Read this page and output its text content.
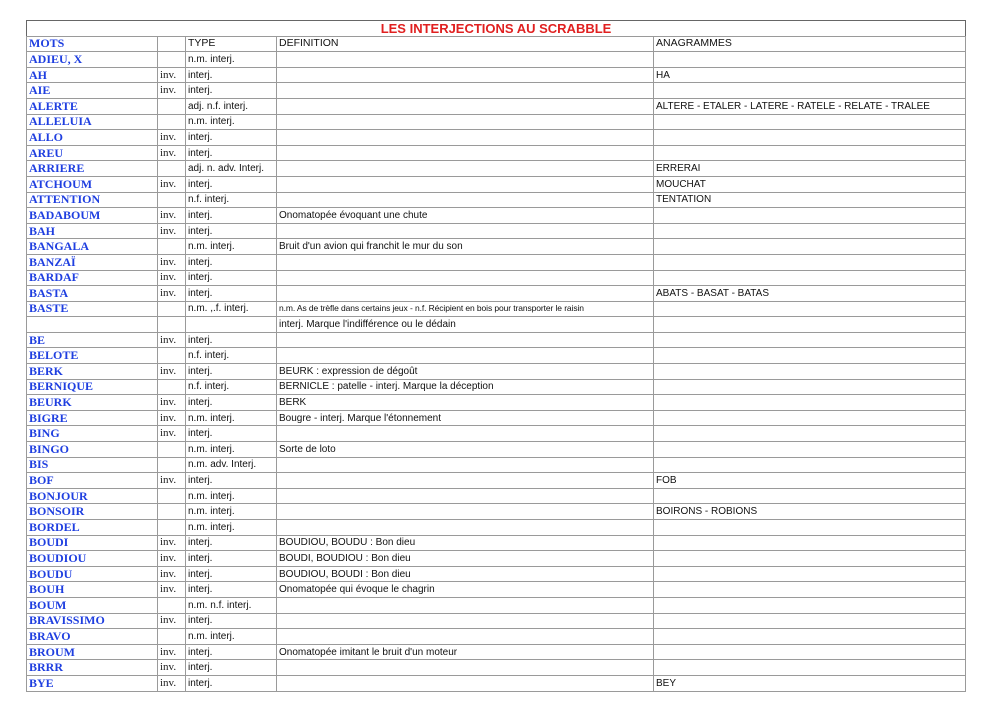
LES INTERJECTIONS AU SCRABBLE				
MOTS		TYPE	DEFINITION	ANAGRAMMES
ADIEU, X		n.m. interj.		
AH	inv.	interj.		HA
AIE	inv.	interj.		
ALERTE		adj. n.f. interj.		ALTERE - ETALER - LATERE - RATELE - RELATE - TRALEE
ALLELUIA		n.m. interj.		
ALLO	inv.	interj.		
AREU	inv.	interj.		
ARRIERE		adj. n. adv. Interj.		ERRERAI
ATCHOUM	inv.	interj.		MOUCHAT
ATTENTION		n.f. interj.		TENTATION
BADABOUM	inv.	interj.	Onomatopée évoquant une chute	
BAH	inv.	interj.		
BANGALA		n.m. interj.	Bruit d'un avion qui franchit le mur du son	
BANZAÏ	inv.	interj.		
BARDAF	inv.	interj.		
BASTA	inv.	interj.		ABATS - BASAT - BATAS
BASTE		n.m. ,.f. interj.	n.m. As de trèfle dans certains jeux - n.f. Récipient en bois pour transporter le raisin	
			interj. Marque l'indifférence ou le dédain	
BE	inv.	interj.		
BELOTE		n.f. interj.		
BERK	inv.	interj.	BEURK : expression de dégoût	
BERNIQUE		n.f. interj.	BERNICLE : patelle - interj. Marque la déception	
BEURK	inv.	interj.	BERK	
BIGRE	inv.	n.m. interj.	Bougre - interj. Marque l'étonnement	
BING	inv.	interj.		
BINGO		n.m. interj.	Sorte de loto	
BIS		n.m. adv. Interj.		
BOF	inv.	interj.		FOB
BONJOUR		n.m. interj.		
BONSOIR		n.m. interj.		BOIRONS - ROBIONS
BORDEL		n.m. interj.		
BOUDI	inv.	interj.	BOUDIOU, BOUDU : Bon dieu	
BOUDIOU	inv.	interj.	BOUDI, BOUDIOU : Bon dieu	
BOUDU	inv.	interj.	BOUDIOU, BOUDI : Bon dieu	
BOUH	inv.	interj.	Onomatopée qui évoque le chagrin	
BOUM		n.m. n.f. interj.		
BRAVISSIMO	inv.	interj.		
BRAVO		n.m. interj.		
BROUM	inv.	interj.	Onomatopée imitant le bruit d'un moteur	
BRRR	inv.	interj.		
BYE	inv.	interj.		BEY
